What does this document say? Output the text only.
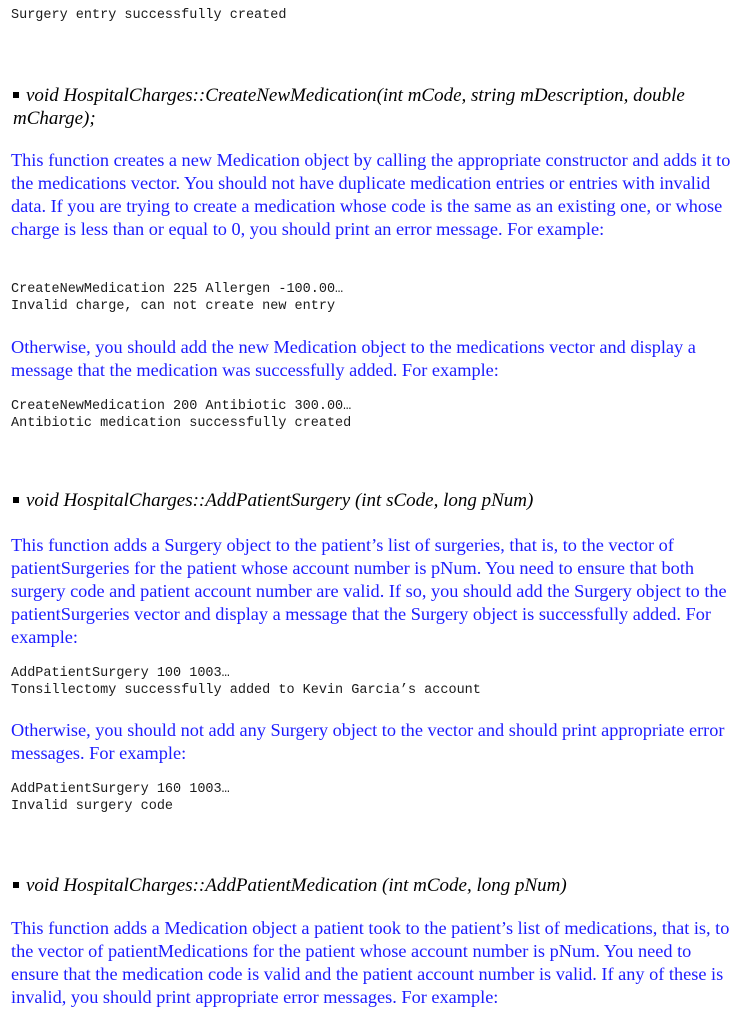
Surgery entry successfully created

void HospitalCharges::CreateNewMedication(int mCode, string mDescription, double mCharge);

This function creates a new Medication object by calling the appropriate constructor and adds it to the medications vector. You should not have duplicate medication entries or entries with invalid data. If you are trying to create a medication whose code is the same as an existing one, or whose charge is less than or equal to 0, you should print an error message. For example:

CreateNewMedication 225 Allergen -100.00…
Invalid charge, can not create new entry

Otherwise, you should add the new Medication object to the medications vector and display a message that the medication was successfully added. For example:

CreateNewMedication 200 Antibiotic 300.00…
Antibiotic medication successfully created

void HospitalCharges::AddPatientSurgery (int sCode, long pNum)

This function adds a Surgery object to the patient’s list of surgeries, that is, to the vector of patientSurgeries for the patient whose account number is pNum. You need to ensure that both surgery code and patient account number are valid. If so, you should add the Surgery object to the patientSurgeries vector and display a message that the Surgery object is successfully added. For example:

AddPatientSurgery 100 1003…
Tonsillectomy successfully added to Kevin Garcia’s account

Otherwise, you should not add any Surgery object to the vector and should print appropriate error messages. For example:

AddPatientSurgery 160 1003…
Invalid surgery code

void HospitalCharges::AddPatientMedication (int mCode, long pNum)

This function adds a Medication object a patient took to the patient’s list of medications, that is, to the vector of patientMedications for the patient whose account number is pNum. You need to ensure that the medication code is valid and the patient account number is valid. If any of these is invalid, you should print appropriate error messages. For example:
